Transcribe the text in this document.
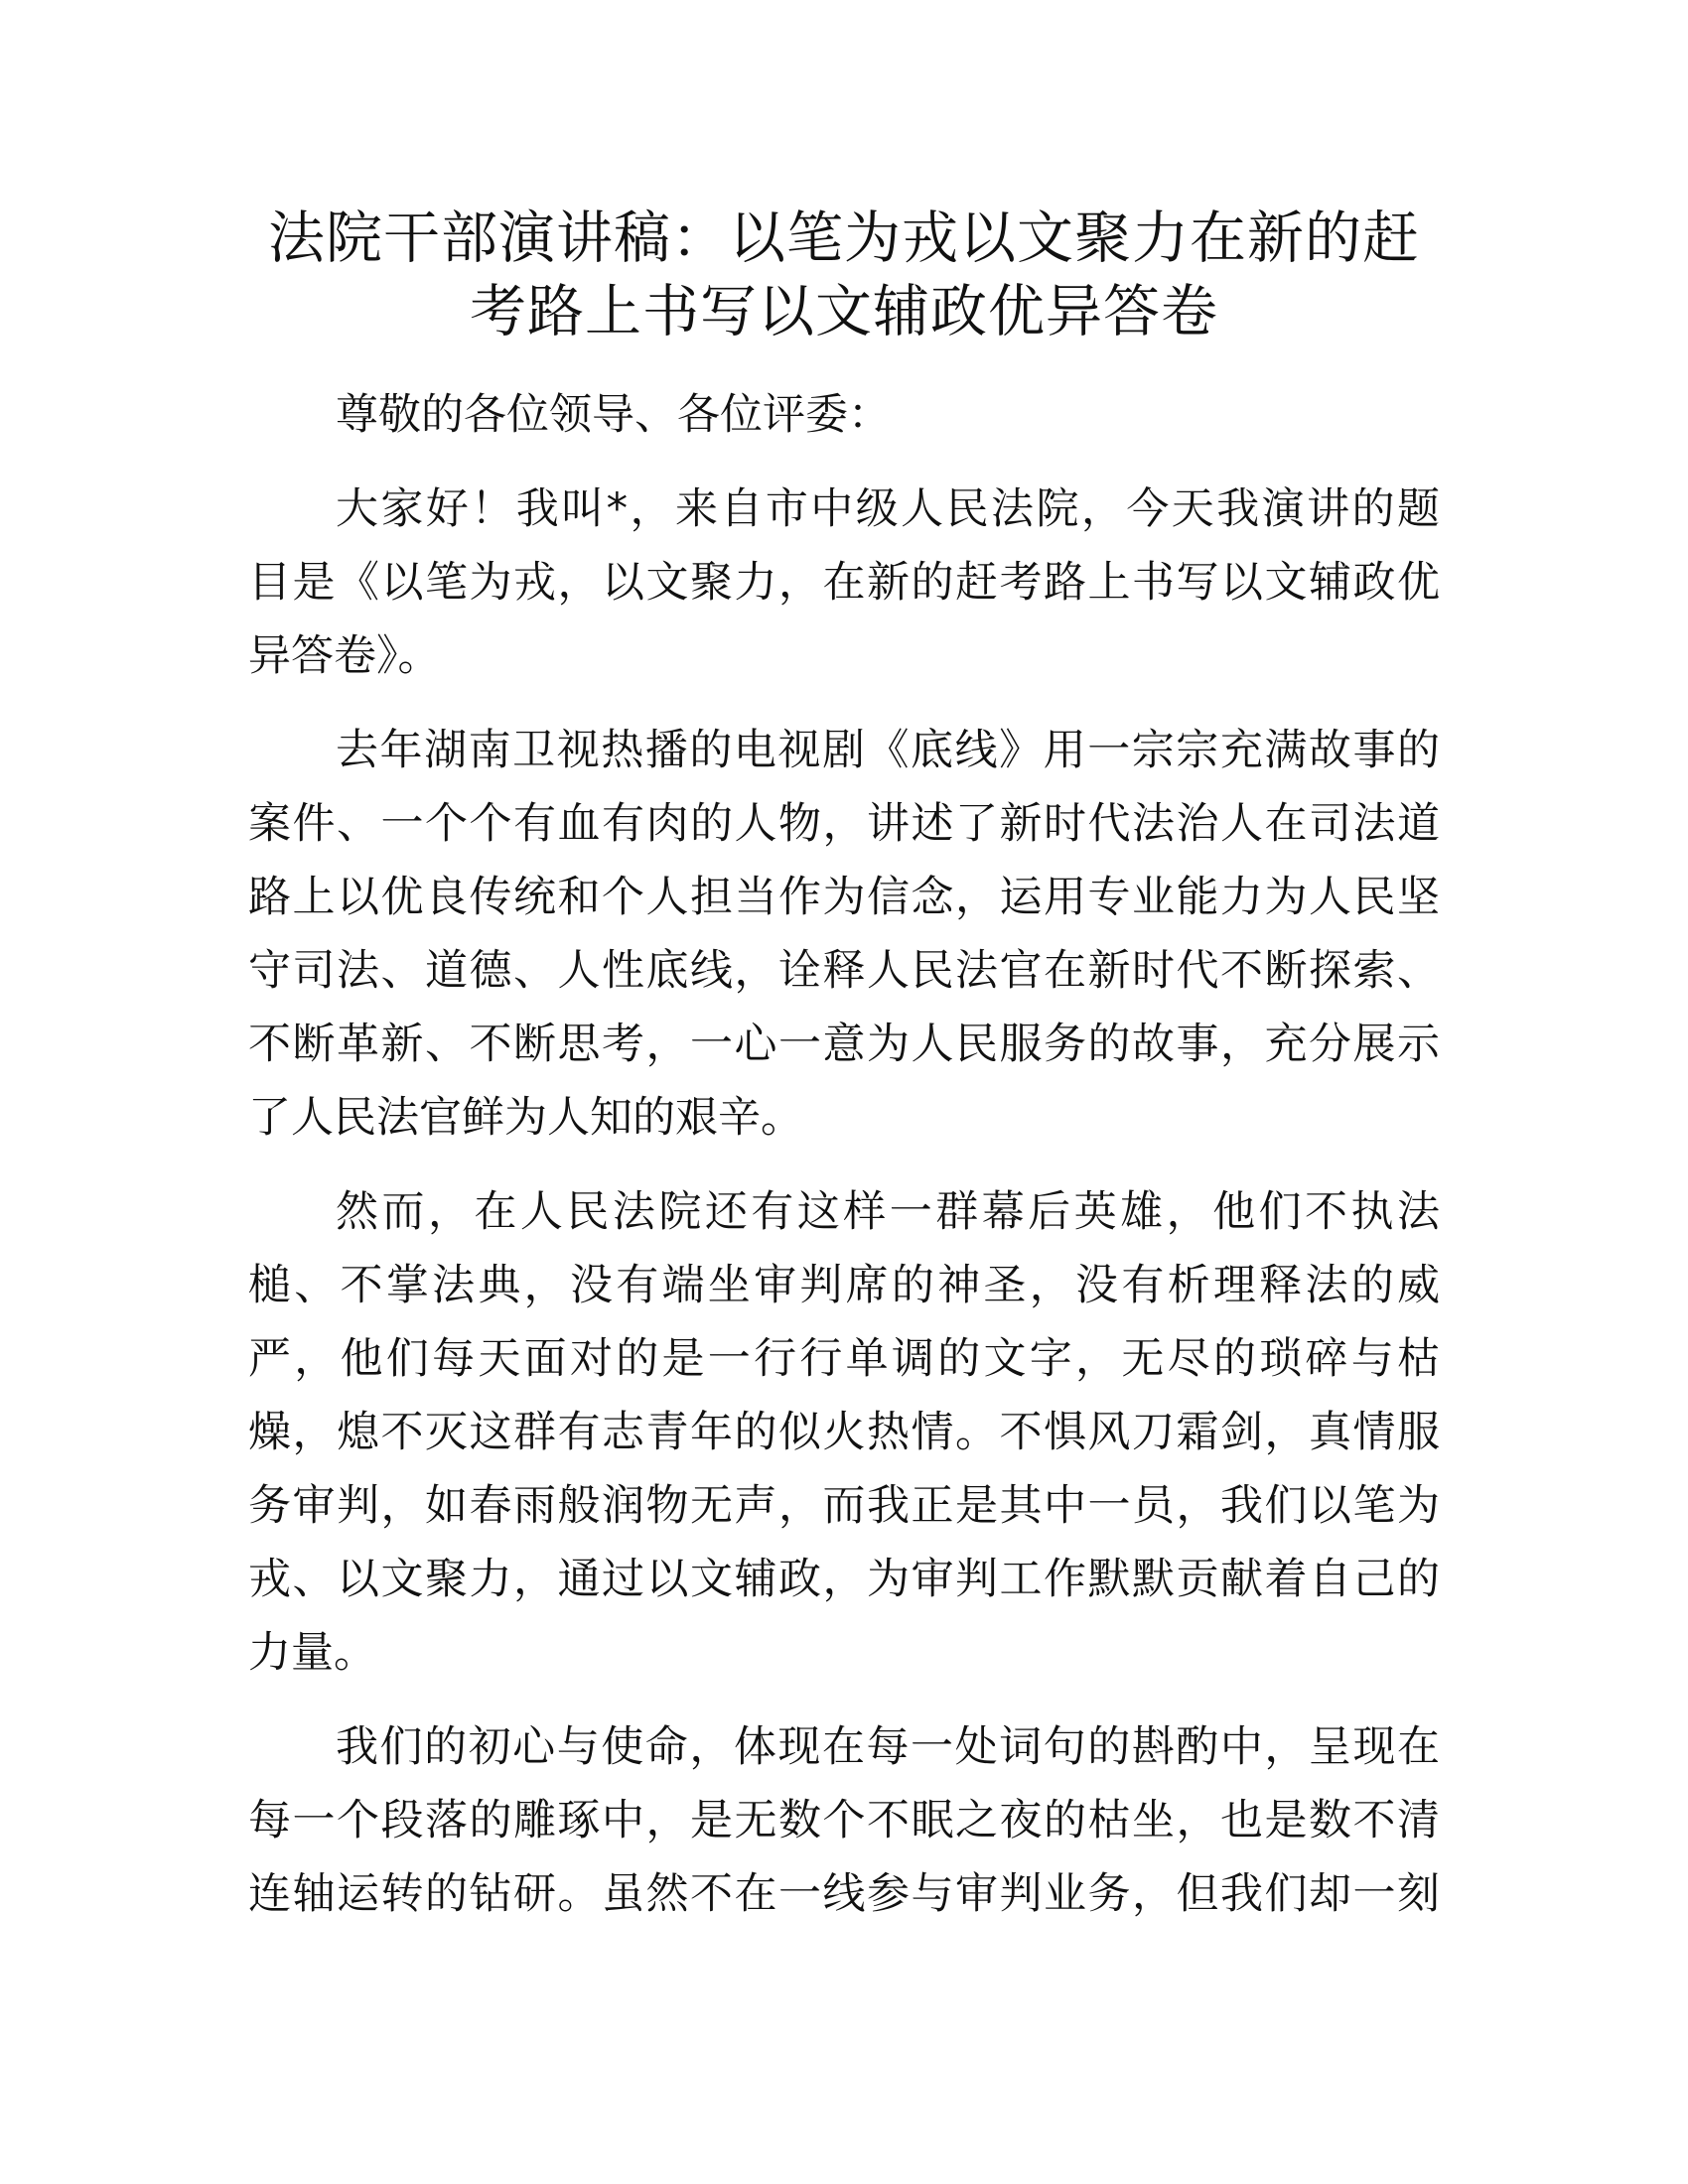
法院干部演讲稿：以笔为戎以文聚力在新的赶
考路上书写以文辅政优异答卷

尊敬的各位领导、各位评委：

大家好！我叫*，来自市中级人民法院，今天我演讲的题
目是《以笔为戎，以文聚力，在新的赶考路上书写以文辅政优
异答卷》。

去年湖南卫视热播的电视剧《底线》用一宗宗充满故事的
案件、一个个有血有肉的人物，讲述了新时代法治人在司法道
路上以优良传统和个人担当作为信念，运用专业能力为人民坚
守司法、道德、人性底线，诠释人民法官在新时代不断探索、
不断革新、不断思考，一心一意为人民服务的故事，充分展示
了人民法官鲜为人知的艰辛。

然而，在人民法院还有这样一群幕后英雄，他们不执法
槌、不掌法典，没有端坐审判席的神圣，没有析理释法的威
严，他们每天面对的是一行行单调的文字，无尽的琐碎与枯
燥，熄不灭这群有志青年的似火热情。不惧风刀霜剑，真情服
务审判，如春雨般润物无声，而我正是其中一员，我们以笔为
戎、以文聚力，通过以文辅政，为审判工作默默贡献着自己的
力量。

我们的初心与使命，体现在每一处词句的斟酌中，呈现在
每一个段落的雕琢中，是无数个不眠之夜的枯坐，也是数不清
连轴运转的钻研。虽然不在一线参与审判业务，但我们却一刻
